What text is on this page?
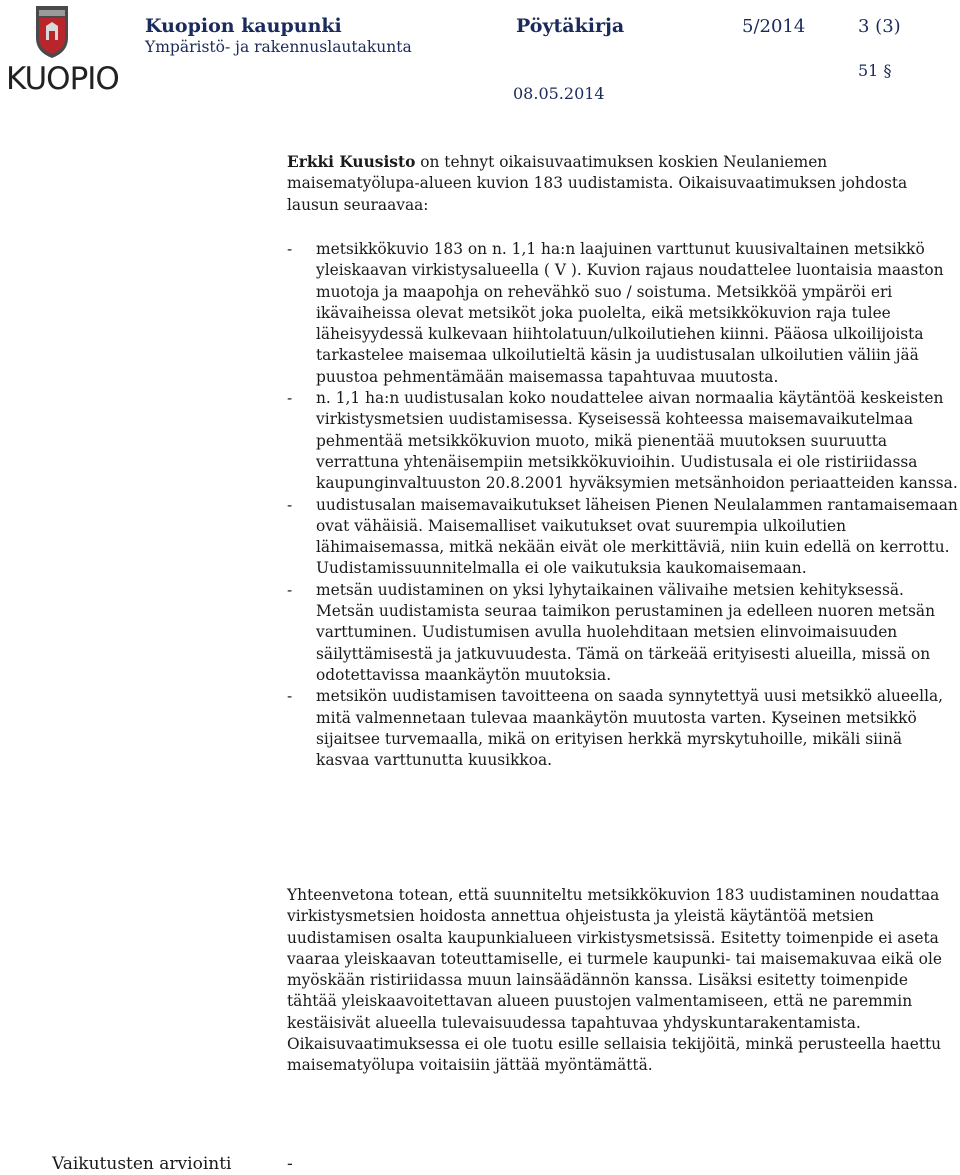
KUOPIO
Kuopion kaupunki
Ympäristö- ja rakennuslautakunta
Pöytäkirja	5/2014	3 (3)
51 §
08.05.2014

Erkki Kuusisto on tehnyt oikaisuvaatimuksen koskien Neulaniemen maisematyölupa-alueen kuvion 183 uudistamista. Oikaisuvaatimuksen johdosta lausun seuraavaa:

- metsikkökuvio 183 on n. 1,1 ha:n laajuinen varttunut kuusivaltainen metsikkö yleiskaavan virkistysalueella ( V ). Kuvion rajaus noudattelee luontaisia maaston muotoja ja maapohja on rehevähkö suo / soistuma. Metsikköä ympäröi eri ikävaiheissa olevat metsiköt joka puolelta, eikä metsikkökuvion raja tulee läheisyydessä kulkevaan hiihtolatuun/ulkoilutiehen kiinni. Pääosa ulkoilijoista tarkastelee maisemaa ulkoilutieltä käsin ja uudistusalan ulkoilutien väliin jää puustoa pehmentämään maisemassa tapahtuvaa muutosta.
- n. 1,1 ha:n uudistusalan koko noudattelee aivan normaalia käytäntöä keskeisten virkistysmetsien uudistamisessa. Kyseisessä kohteessa maisemavaikutelmaa pehmentää metsikkökuvion muoto, mikä pienentää muutoksen suuruutta verrattuna yhtenäisempiin metsikkökuvioihin. Uudistusala ei ole ristiriidassa kaupunginvaltuuston 20.8.2001 hyväksymien metsänhoidon periaatteiden kanssa.
- uudistusalan maisemavaikutukset läheisen Pienen Neulalammen rantamaisemaan ovat vähäisiä. Maisemalliset vaikutukset ovat suurempia ulkoilutien lähimaisemassa, mitkä nekään eivät ole merkittäviä, niin kuin edellä on kerrottu. Uudistamissuunnitelmalla ei ole vaikutuksia kaukomaisemaan.
- metsän uudistaminen on yksi lyhytaikainen välivaihe metsien kehityksessä. Metsän uudistamista seuraa taimikon perustaminen ja edelleen nuoren metsän varttuminen. Uudistumisen avulla huolehditaan metsien elinvoimaisuuden säilyttämisestä ja jatkuvuudesta. Tämä on tärkeää erityisesti alueilla, missä on odotettavissa maankäytön muutoksia.
- metsikön uudistamisen tavoitteena on saada synnytettyä uusi metsikkö alueella, mitä valmennetaan tulevaa maankäytön muutosta varten. Kyseinen metsikkö sijaitsee turvemaalla, mikä on erityisen herkkä myrskytuhoille, mikäli siinä kasvaa varttunutta kuusikkoa.

Yhteenvetona totean, että suunniteltu metsikkökuvion 183 uudistaminen noudattaa virkistysmetsien hoidosta annettua ohjeistusta ja yleistä käytäntöä metsien uudistamisen osalta kaupunkialueen virkistysmetsissä. Esitetty toimenpide ei aseta vaaraa yleiskaavan toteuttamiselle, ei turmele kaupunki- tai maisemakuvaa eikä ole myöskään ristiriidassa muun lainsäädännön kanssa. Lisäksi esitetty toimenpide tähtää yleiskaavoitettavan alueen puustojen valmentamiseen, että ne paremmin kestäisivät alueella tulevaisuudessa tapahtuvaa yhdyskuntarakentamista. Oikaisuvaatimuksessa ei ole tuotu esille sellaisia tekijöitä, minkä perusteella haettu maisematyölupa voitaisiin jättää myöntämättä.

Vaikutusten arviointi	-
